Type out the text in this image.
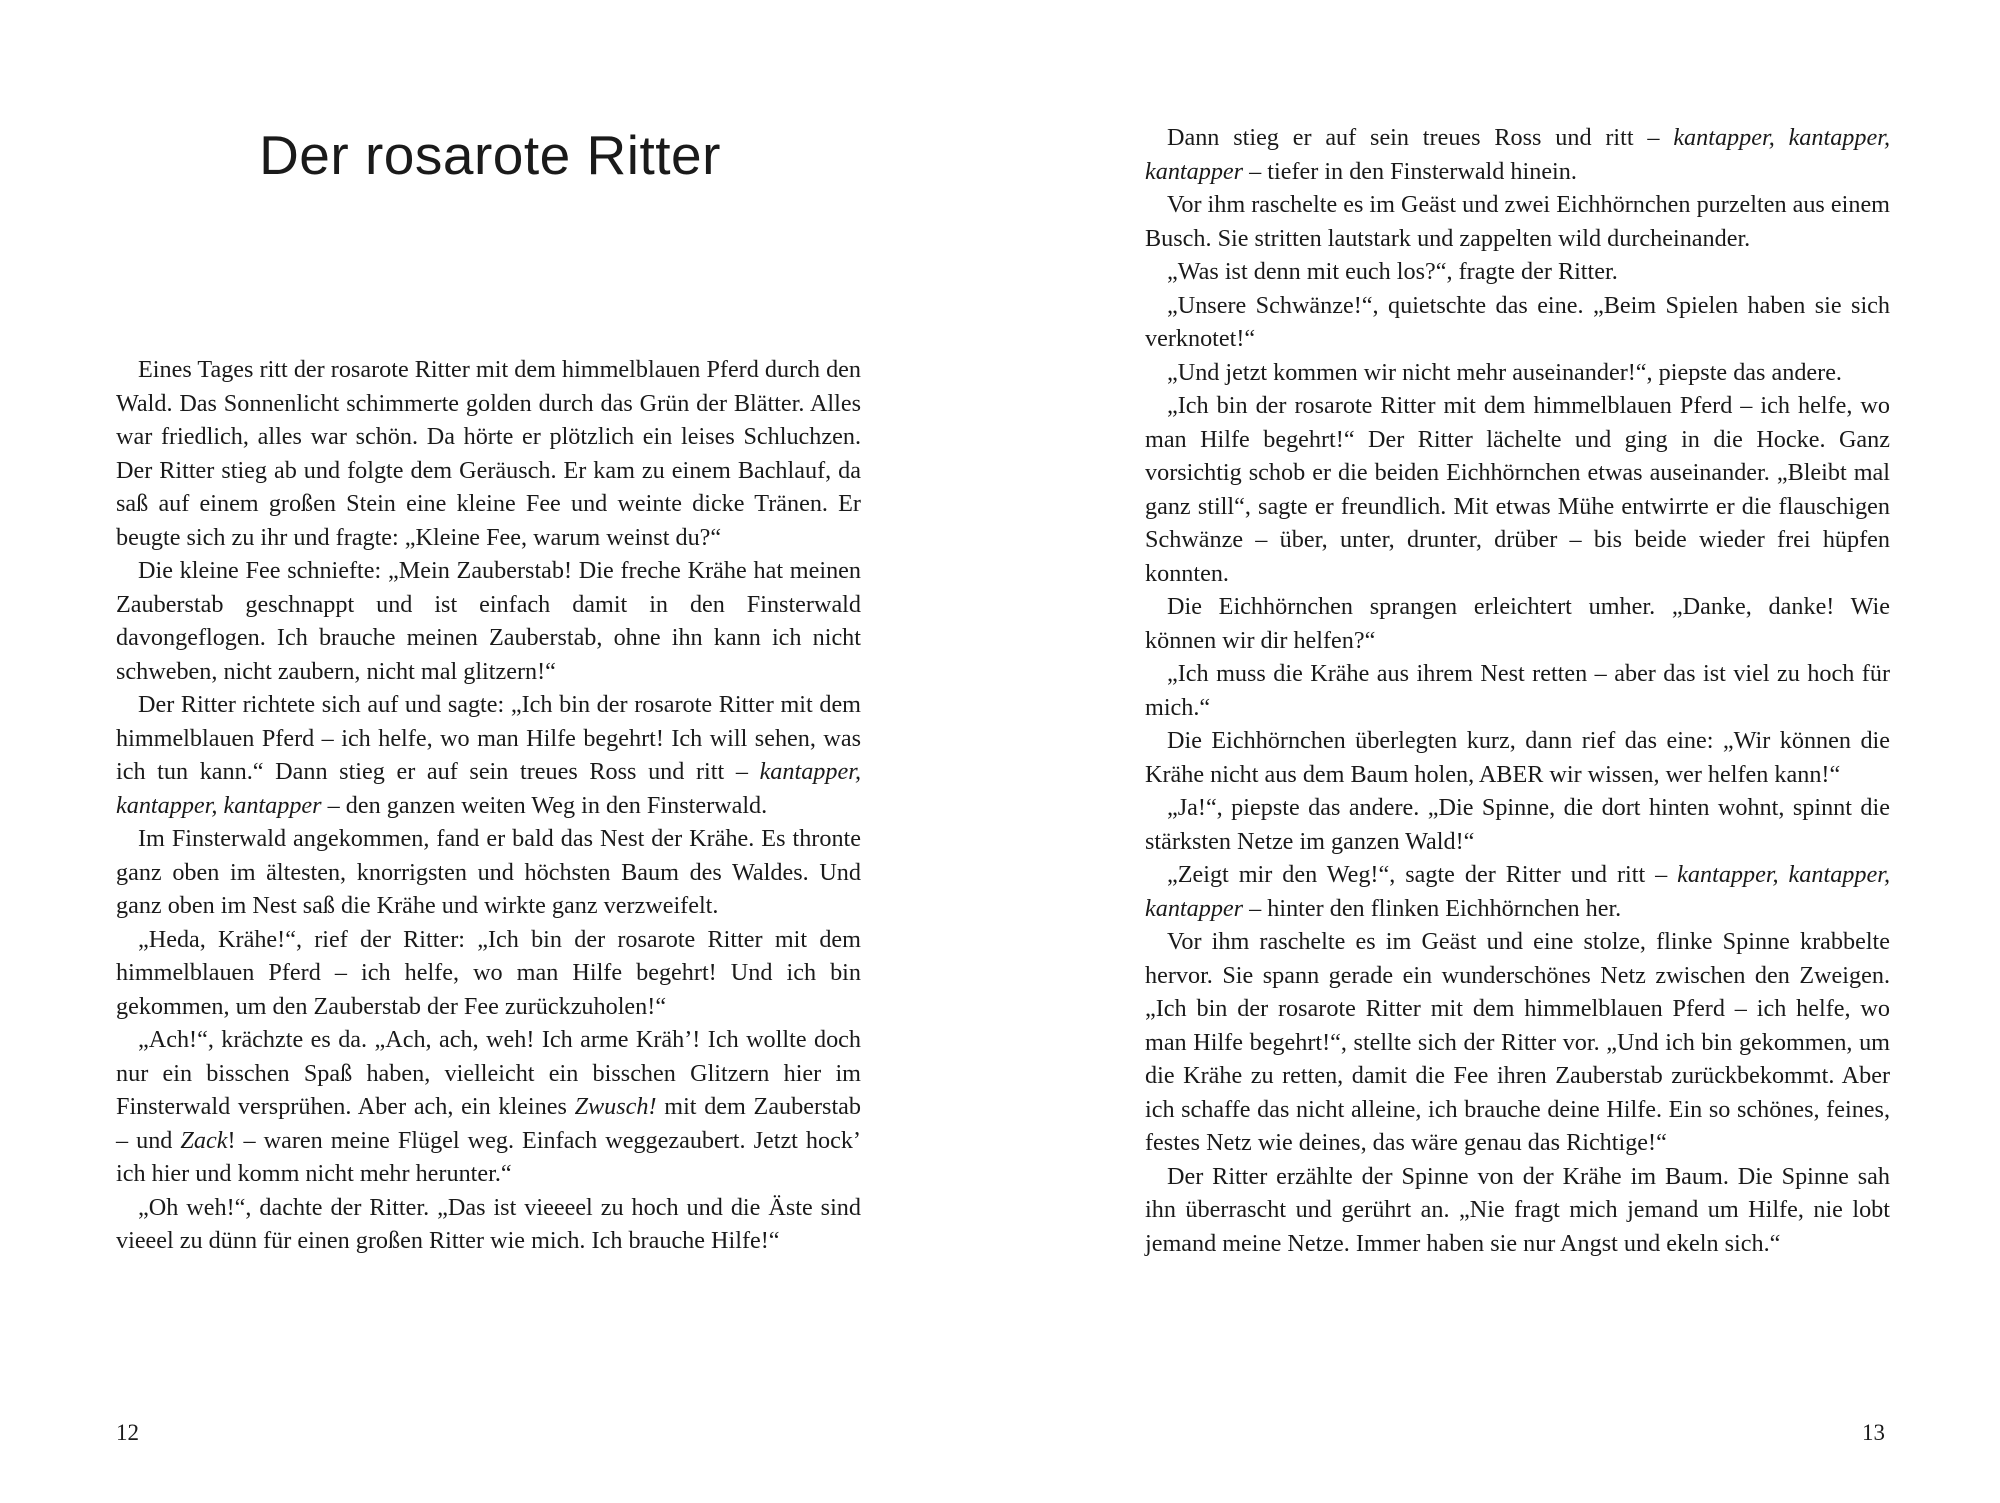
Der rosarote Ritter

Eines Tages ritt der rosarote Ritter mit dem himmelblauen Pferd durch den Wald. Das Sonnenlicht schimmerte golden durch das Grün der Blätter. Alles war friedlich, alles war schön. Da hörte er plötzlich ein leises Schluchzen. Der Ritter stieg ab und folgte dem Geräusch. Er kam zu einem Bachlauf, da saß auf einem großen Stein eine kleine Fee und weinte dicke Tränen. Er beugte sich zu ihr und fragte: „Kleine Fee, warum weinst du?“

Die kleine Fee schniefte: „Mein Zauberstab! Die freche Krähe hat meinen Zauberstab geschnappt und ist einfach damit in den Finsterwald davongeflogen. Ich brauche meinen Zauberstab, ohne ihn kann ich nicht schweben, nicht zaubern, nicht mal glitzern!“

Der Ritter richtete sich auf und sagte: „Ich bin der rosarote Ritter mit dem himmelblauen Pferd – ich helfe, wo man Hilfe begehrt! Ich will sehen, was ich tun kann.“ Dann stieg er auf sein treues Ross und ritt – kantapper, kantapper, kantapper – den ganzen weiten Weg in den Finsterwald.

Im Finsterwald angekommen, fand er bald das Nest der Krähe. Es thronte ganz oben im ältesten, knorrigsten und höchsten Baum des Waldes. Und ganz oben im Nest saß die Krähe und wirkte ganz verzweifelt.

„Heda, Krähe!“, rief der Ritter: „Ich bin der rosarote Ritter mit dem himmelblauen Pferd – ich helfe, wo man Hilfe begehrt! Und ich bin gekommen, um den Zauberstab der Fee zurückzuholen!“

„Ach!“, krächzte es da. „Ach, ach, weh! Ich arme Kräh’! Ich wollte doch nur ein bisschen Spaß haben, vielleicht ein bisschen Glitzern hier im Finsterwald versprühen. Aber ach, ein kleines Zwusch! mit dem Zauberstab – und Zack! – waren meine Flügel weg. Einfach weggezaubert. Jetzt hock’ ich hier und komm nicht mehr herunter.“

„Oh weh!“, dachte der Ritter. „Das ist vieeeel zu hoch und die Äste sind vieeel zu dünn für einen großen Ritter wie mich. Ich brauche Hilfe!“

12	13

Dann stieg er auf sein treues Ross und ritt – kantapper, kantapper, kantapper – tiefer in den Finsterwald hinein.

Vor ihm raschelte es im Geäst und zwei Eichhörnchen purzelten aus einem Busch. Sie stritten lautstark und zappelten wild durcheinander.

„Was ist denn mit euch los?“, fragte der Ritter.

„Unsere Schwänze!“, quietschte das eine. „Beim Spielen haben sie sich verknotet!“

„Und jetzt kommen wir nicht mehr auseinander!“, piepste das andere.

„Ich bin der rosarote Ritter mit dem himmelblauen Pferd – ich helfe, wo man Hilfe begehrt!“ Der Ritter lächelte und ging in die Hocke. Ganz vorsichtig schob er die beiden Eichhörnchen etwas auseinander. „Bleibt mal ganz still“, sagte er freundlich. Mit etwas Mühe entwirrte er die flauschigen Schwänze – über, unter, drunter, drüber – bis beide wieder frei hüpfen konnten.

Die Eichhörnchen sprangen erleichtert umher. „Danke, danke! Wie können wir dir helfen?“

„Ich muss die Krähe aus ihrem Nest retten – aber das ist viel zu hoch für mich.“

Die Eichhörnchen überlegten kurz, dann rief das eine: „Wir können die Krähe nicht aus dem Baum holen, ABER wir wissen, wer helfen kann!“

„Ja!“, piepste das andere. „Die Spinne, die dort hinten wohnt, spinnt die stärksten Netze im ganzen Wald!“

„Zeigt mir den Weg!“, sagte der Ritter und ritt – kantapper, kantapper, kantapper – hinter den flinken Eichhörnchen her.

Vor ihm raschelte es im Geäst und eine stolze, flinke Spinne krabbelte hervor. Sie spann gerade ein wunderschönes Netz zwischen den Zweigen. „Ich bin der rosarote Ritter mit dem himmelblauen Pferd – ich helfe, wo man Hilfe begehrt!“, stellte sich der Ritter vor. „Und ich bin gekommen, um die Krähe zu retten, damit die Fee ihren Zauberstab zurückbekommt. Aber ich schaffe das nicht alleine, ich brauche deine Hilfe. Ein so schönes, feines, festes Netz wie deines, das wäre genau das Richtige!“

Der Ritter erzählte der Spinne von der Krähe im Baum. Die Spinne sah ihn überrascht und gerührt an. „Nie fragt mich jemand um Hilfe, nie lobt jemand meine Netze. Immer haben sie nur Angst und ekeln sich.“
